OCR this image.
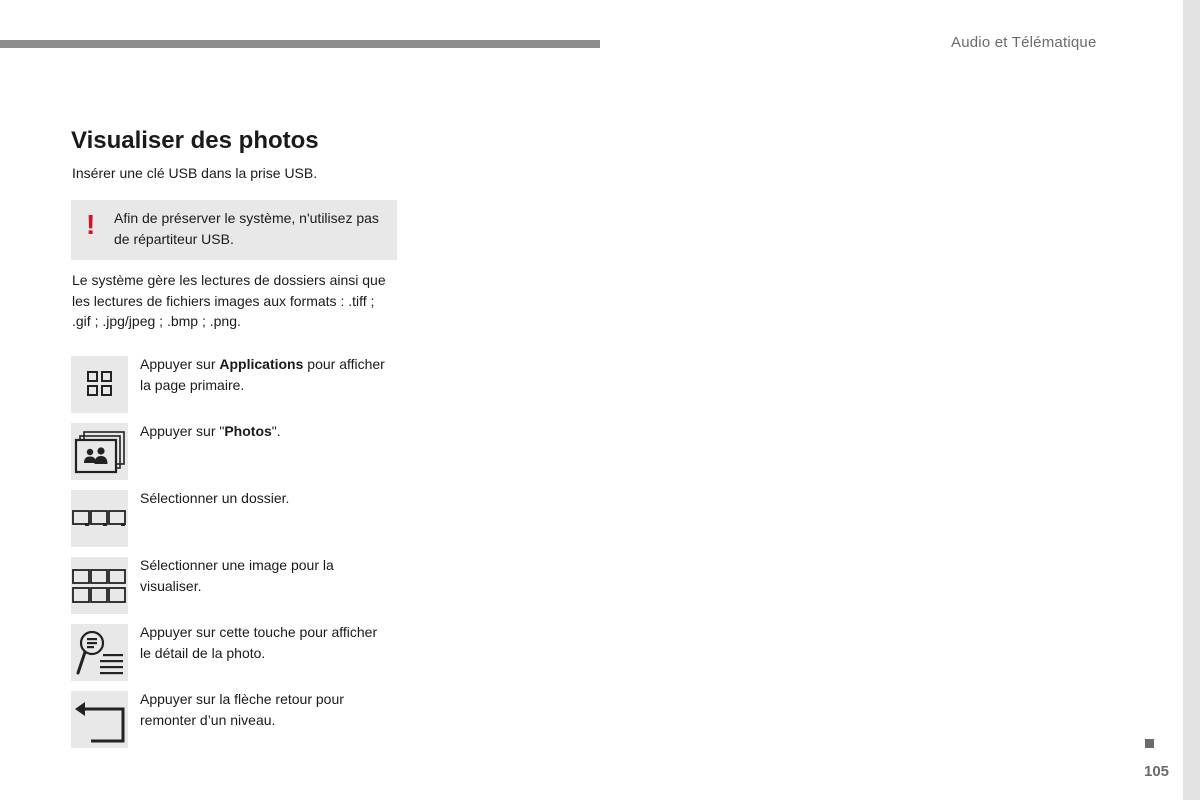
Audio et Télématique
Visualiser des photos

Insérer une clé USB dans la prise USB.

! Afin de préserver le système, n'utilisez pas de répartiteur USB.

Le système gère les lectures de dossiers ainsi que les lectures de fichiers images aux formats : .tiff ; .gif ; .jpg/jpeg ; .bmp ; .png.

Appuyer sur Applications pour afficher la page primaire.
Appuyer sur "Photos".
Sélectionner un dossier.
Sélectionner une image pour la visualiser.
Appuyer sur cette touche pour afficher le détail de la photo.
Appuyer sur la flèche retour pour remonter d’un niveau.
105
